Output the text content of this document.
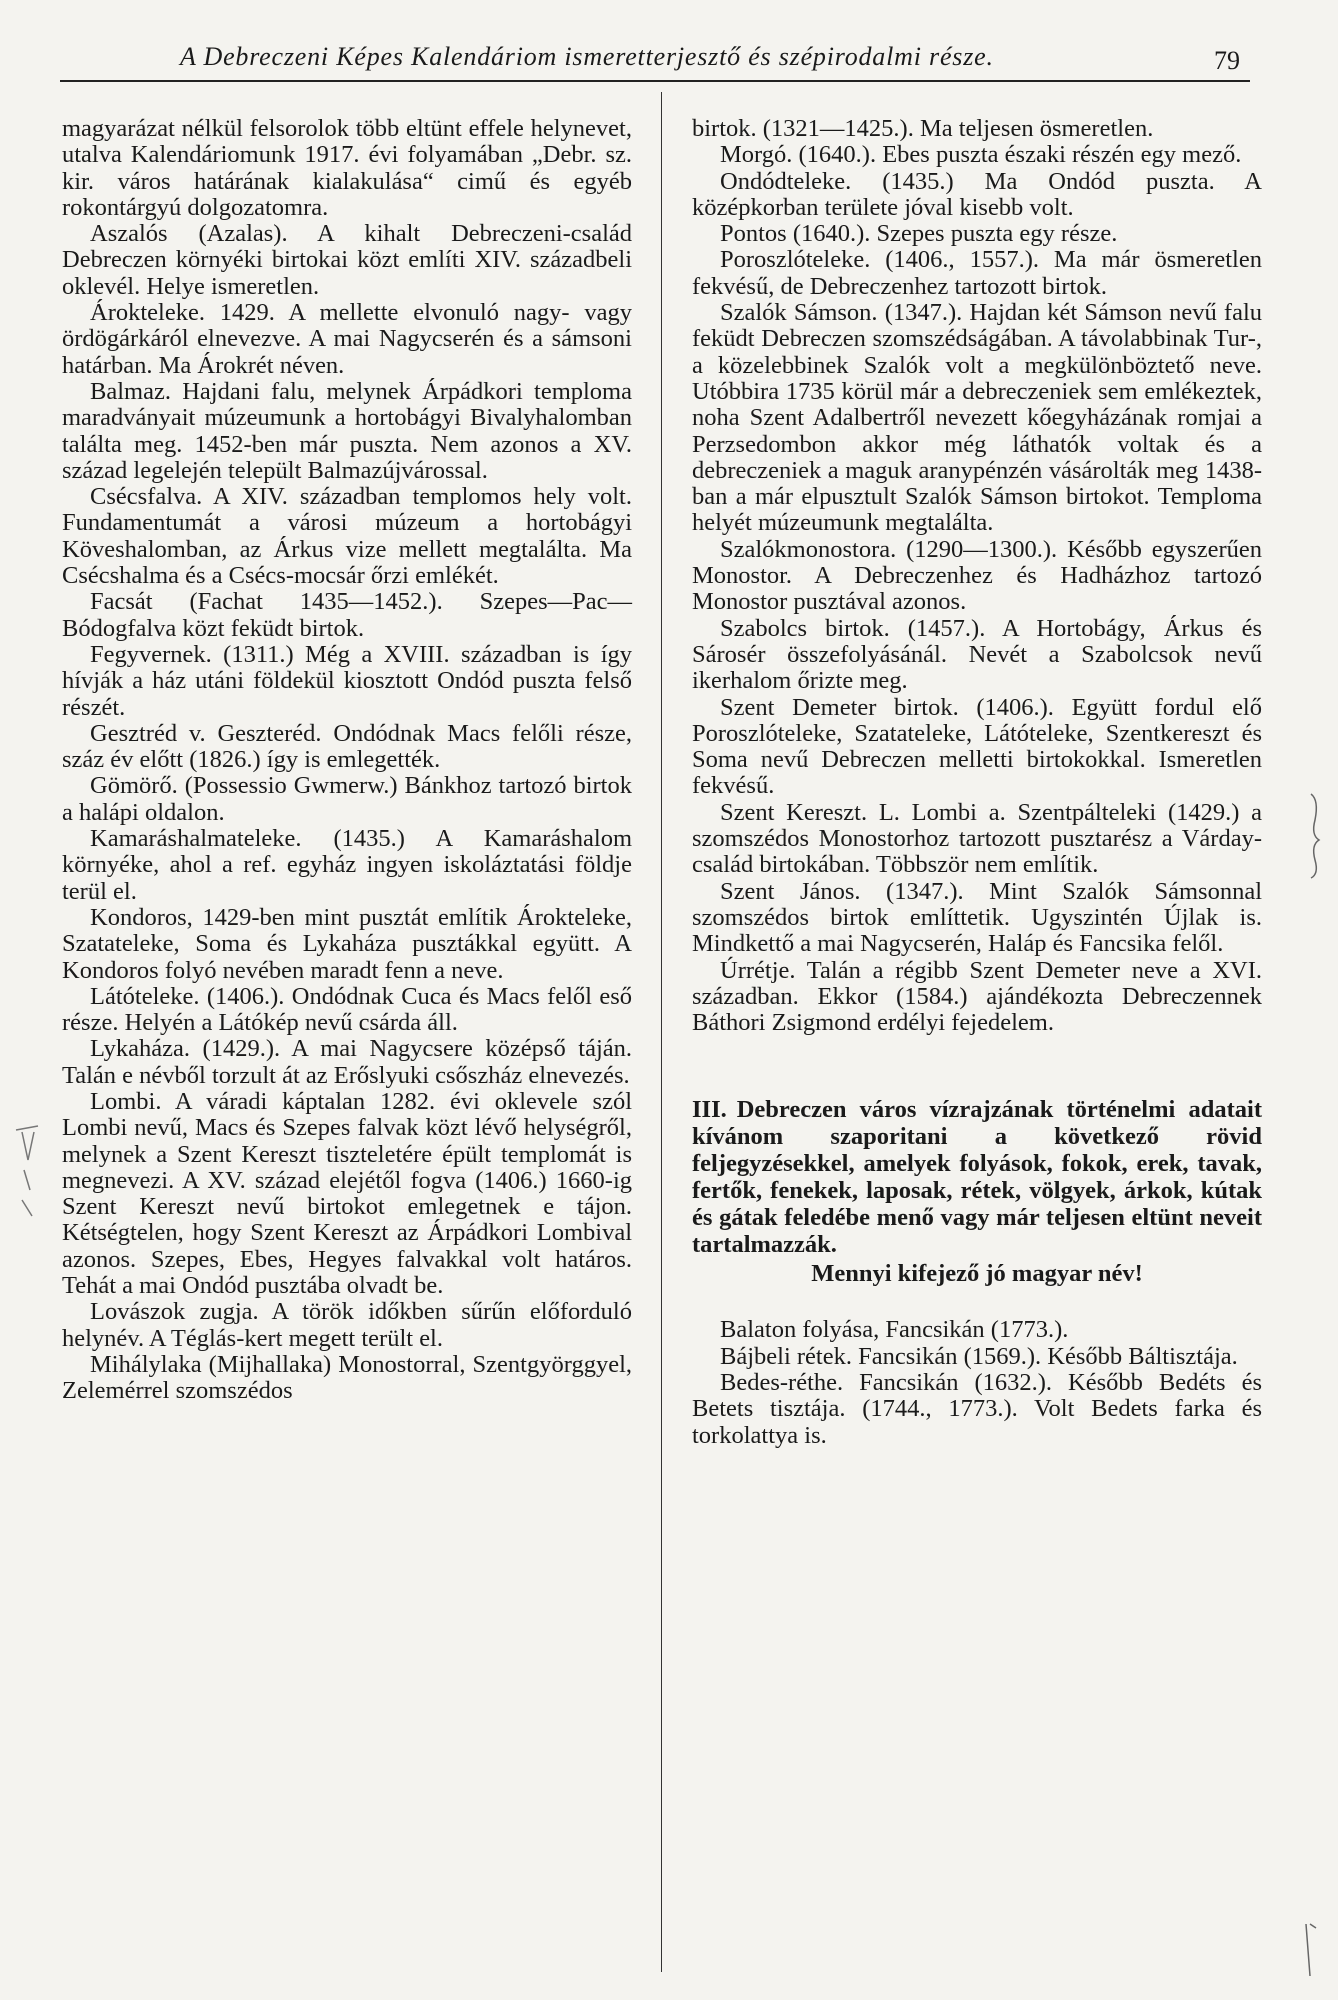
A Debreczeni Képes Kalendáriom ismeretterjesztő és szépirodalmi része.	79

magyarázat nélkül felsorolok több eltünt effele helynevet, utalva Kalendáriomunk 1917. évi folyamában „Debr. sz. kir. város határának kialakulása“ cimű és egyéb rokontárgyú dolgozatomra.

Aszalós (Azalas). A kihalt Debreczeni-család Debreczen környéki birtokai közt említi XIV. századbeli oklevél. Helye ismeretlen.

Árokteleke. 1429. A mellette elvonuló nagy- vagy ördögárkáról elnevezve. A mai Nagycserén és a sámsoni határban. Ma Árokrét néven.

Balmaz. Hajdani falu, melynek Árpádkori temploma maradványait múzeumunk a hortobágyi Bivalyhalomban találta meg. 1452-ben már puszta. Nem azonos a XV. század legelején települt Balmazújvárossal.

Csécsfalva. A XIV. században templomos hely volt. Fundamentumát a városi múzeum a hortobágyi Köveshalomban, az Árkus vize mellett megtalálta. Ma Csécshalma és a Csécs-mocsár őrzi emlékét.

Facsát (Fachat 1435—1452.). Szepes—Pac—Bódogfalva közt feküdt birtok.

Fegyvernek. (1311.) Még a XVIII. században is így hívják a ház utáni földekül kiosztott Ondód puszta felső részét.

Gesztréd v. Geszteréd. Ondódnak Macs felőli része, száz év előtt (1826.) így is emlegették.

Gömörő. (Possessio Gwmerw.) Bánkhoz tartozó birtok a halápi oldalon.

Kamaráshalmateleke. (1435.) A Kamaráshalom környéke, ahol a ref. egyház ingyen iskoláztatási földje terül el.

Kondoros, 1429-ben mint pusztát említik Árokteleke, Szatateleke, Soma és Lykaháza pusztákkal együtt. A Kondoros folyó nevében maradt fenn a neve.

Látóteleke. (1406.). Ondódnak Cuca és Macs felől eső része. Helyén a Látókép nevű csárda áll.

Lykaháza. (1429.). A mai Nagycsere középső táján. Talán e névből torzult át az Erőslyuki csőszház elnevezés.

Lombi. A váradi káptalan 1282. évi oklevele szól Lombi nevű, Macs és Szepes falvak közt lévő helységről, melynek a Szent Kereszt tiszteletére épült templomát is megnevezi. A XV. század elejétől fogva (1406.) 1660-ig Szent Kereszt nevű birtokot emlegetnek e tájon. Kétségtelen, hogy Szent Kereszt az Árpádkori Lombival azonos. Szepes, Ebes, Hegyes falvakkal volt határos. Tehát a mai Ondód pusztába olvadt be.

Lovászok zugja. A török időkben sűrűn előforduló helynév. A Téglás-kert megett terült el.

Mihálylaka (Mijhallaka) Monostorral, Szentgyörggyel, Zelemérrel szomszédos

birtok. (1321—1425.). Ma teljesen ösmeretlen.

Morgó. (1640.). Ebes puszta északi részén egy mező.

Ondódteleke. (1435.) Ma Ondód puszta. A középkorban területe jóval kisebb volt.

Pontos (1640.). Szepes puszta egy része.

Poroszlóteleke. (1406., 1557.). Ma már ösmeretlen fekvésű, de Debreczenhez tartozott birtok.

Szalók Sámson. (1347.). Hajdan két Sámson nevű falu feküdt Debreczen szomszédságában. A távolabbinak Tur-, a közelebbinek Szalók volt a megkülönböztető neve. Utóbbira 1735 körül már a debreczeniek sem emlékeztek, noha Szent Adalbertről nevezett kőegyházának romjai a Perzsedombon akkor még láthatók voltak és a debreczeniek a maguk aranypénzén vásárolták meg 1438-ban a már elpusztult Szalók Sámson birtokot. Temploma helyét múzeumunk megtalálta.

Szalókmonostora. (1290—1300.). Később egyszerűen Monostor. A Debreczenhez és Hadházhoz tartozó Monostor pusztával azonos.

Szabolcs birtok. (1457.). A Hortobágy, Árkus és Sárosér összefolyásánál. Nevét a Szabolcsok nevű ikerhalom őrizte meg.

Szent Demeter birtok. (1406.). Együtt fordul elő Poroszlóteleke, Szatateleke, Látóteleke, Szentkereszt és Soma nevű Debreczen melletti birtokokkal. Ismeretlen fekvésű.

Szent Kereszt. L. Lombi a. Szentpálteleki (1429.) a szomszédos Monostorhoz tartozott pusztarész a Várday-család birtokában. Többször nem említik.

Szent János. (1347.). Mint Szalók Sámsonnal szomszédos birtok említtetik. Ugyszintén Újlak is. Mindkettő a mai Nagycserén, Haláp és Fancsika felől.

Úrrétje. Talán a régibb Szent Demeter neve a XVI. században. Ekkor (1584.) ajándékozta Debreczennek Báthori Zsigmond erdélyi fejedelem.

III. Debreczen város vízrajzának történelmi adatait kívánom szaporitani a következő rövid feljegyzésekkel, amelyek folyások, fokok, erek, tavak, fertők, fenekek, laposak, rétek, völgyek, árkok, kútak és gátak feledébe menő vagy már teljesen eltünt neveit tartalmazzák.
Mennyi kifejező jó magyar név!

Balaton folyása, Fancsikán (1773.).

Bájbeli rétek. Fancsikán (1569.). Később Báltisztája.

Bedes-réthe. Fancsikán (1632.). Később Bedéts és Betets tisztája. (1744., 1773.). Volt Bedets farka és torkolattya is.
